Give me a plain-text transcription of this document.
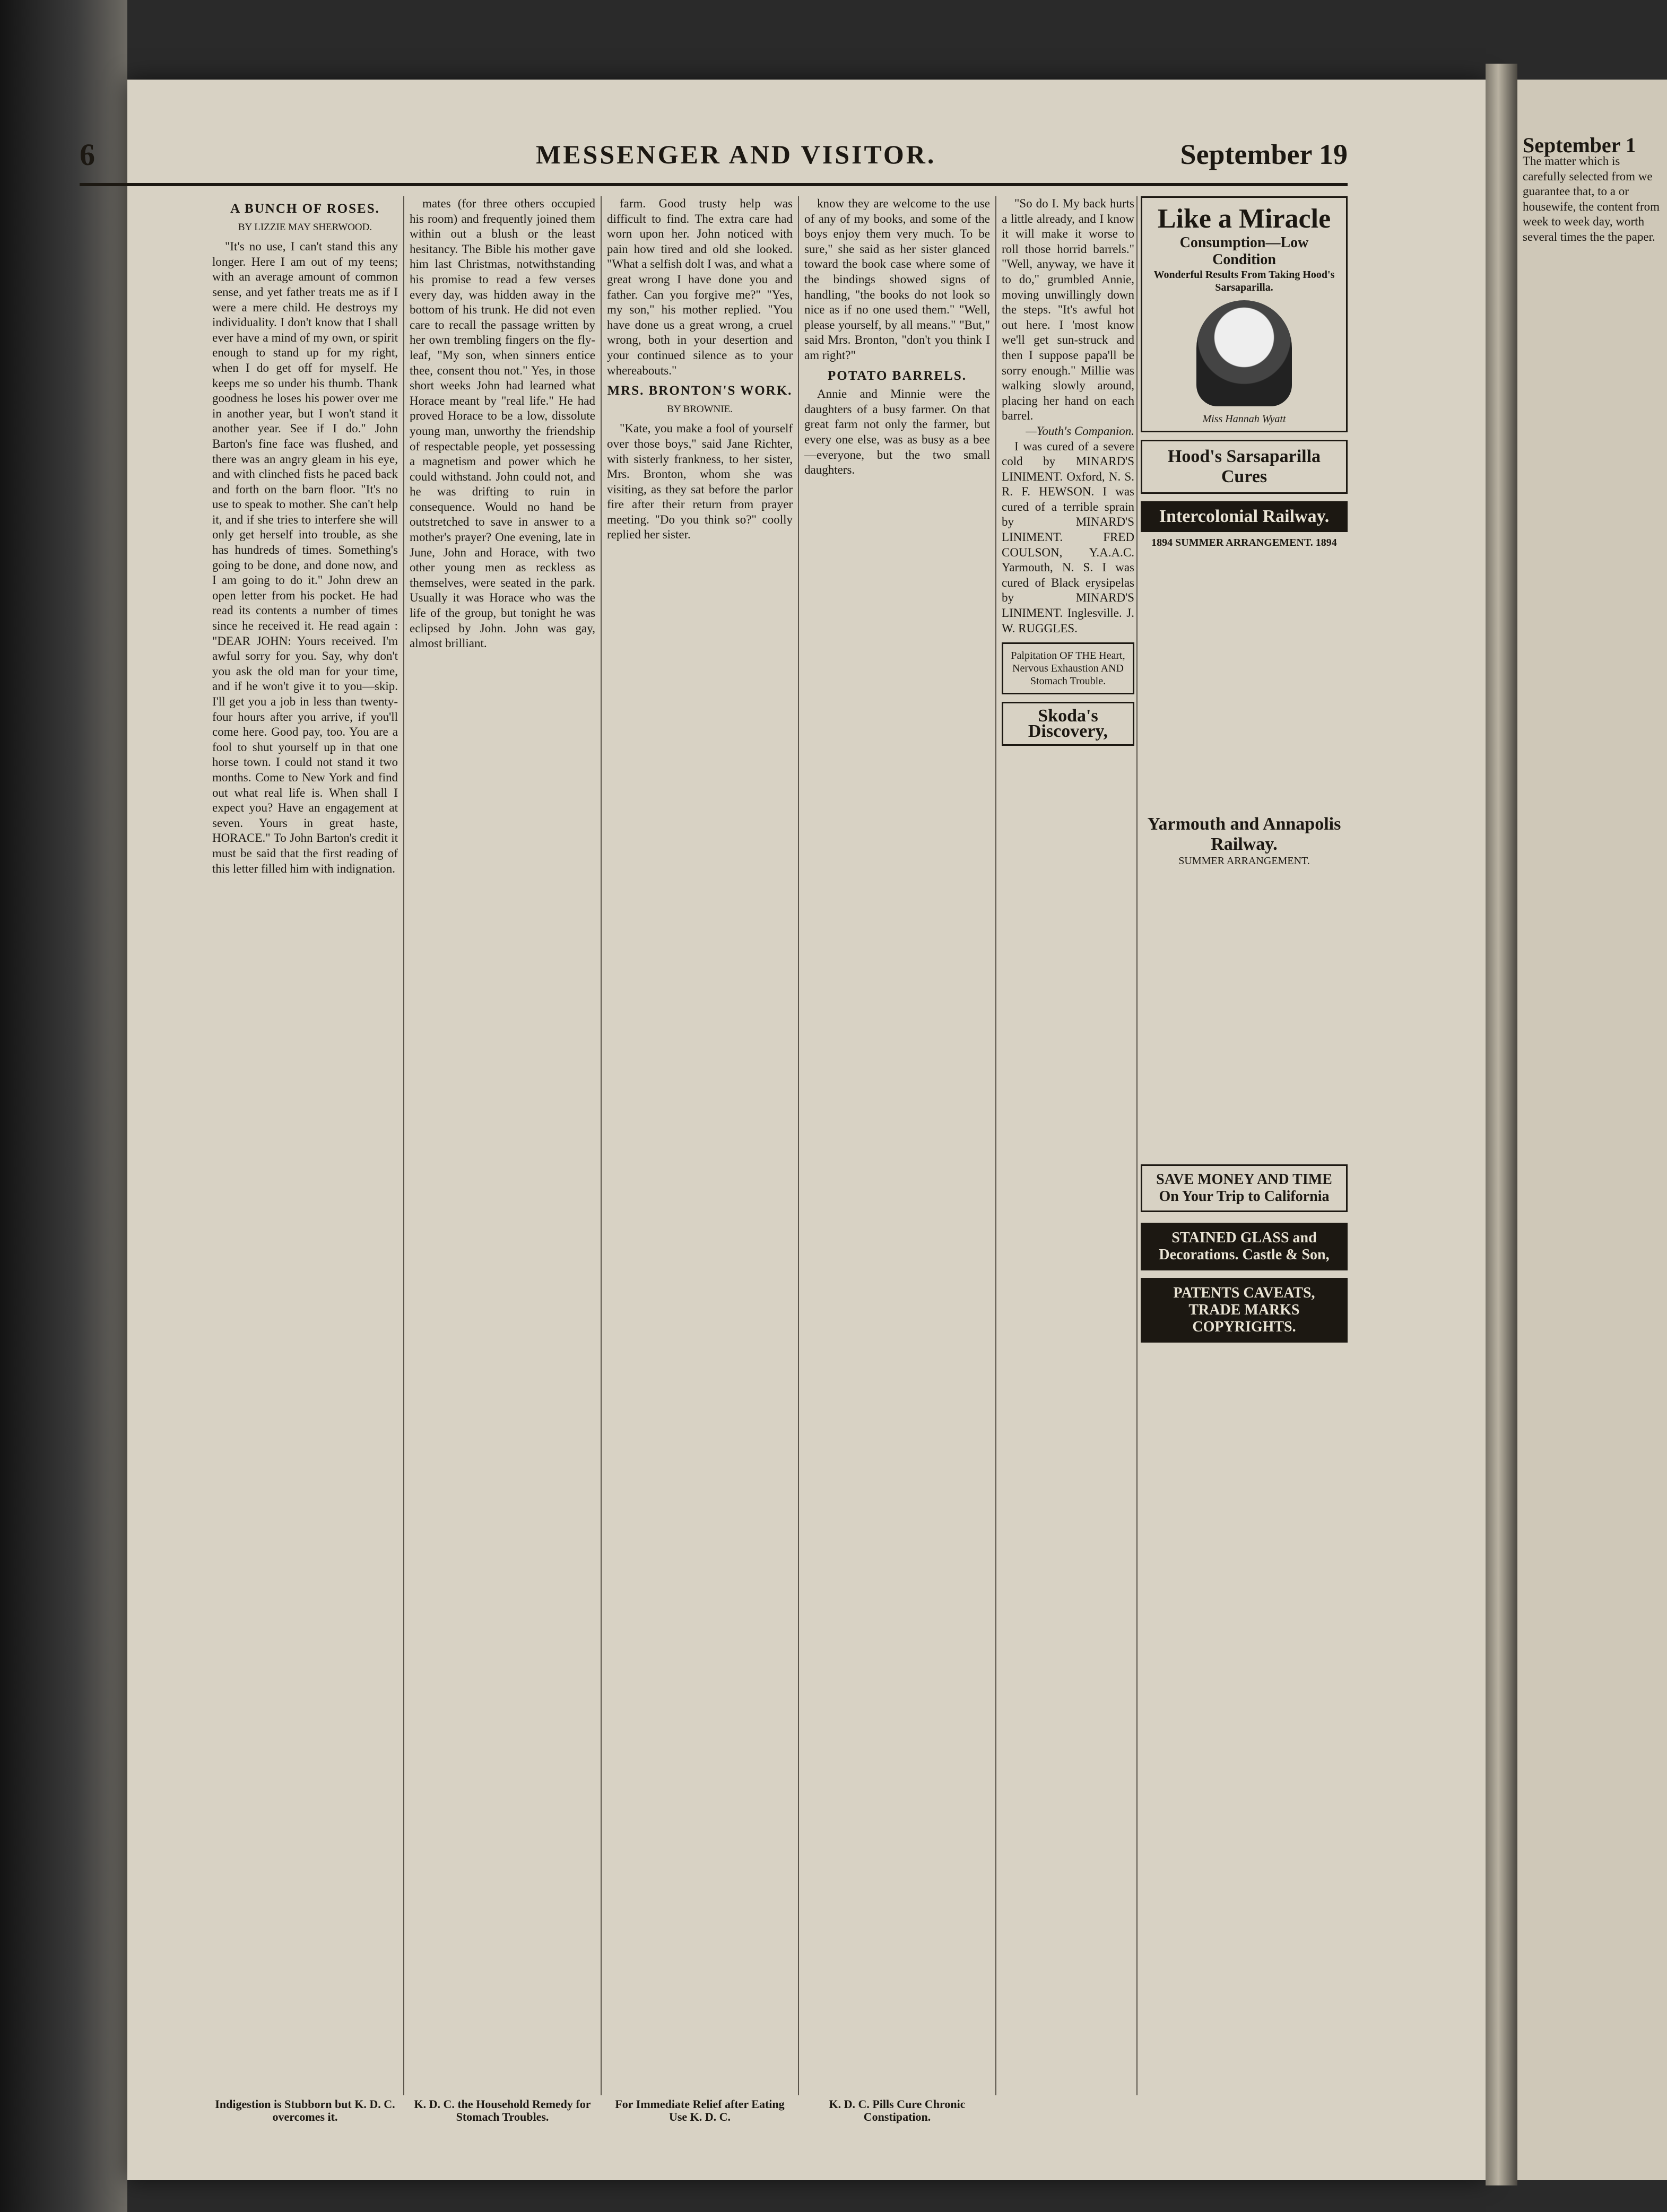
6	MESSENGER AND VISITOR.	September 19
A BUNCH OF ROSES.
BY LIZZIE MAY SHERWOOD.

"It's no use, I can't stand this any longer. Here I am out of my teens; with an average amount of common sense, and yet father treats me as if I were a mere child. He destroys my individuality. I don't know that I shall ever have a mind of my own, or spirit enough to stand up for my right, when I do get off for myself. He keeps me so under his thumb. Thank goodness he loses his power over me in another year, but I won't stand it another year. See if I do." John Barton's fine face was flushed, and there was an angry gleam in his eye, and with clinched fists he paced back and forth on the barn floor. "It's no use to speak to mother. She can't help it, and if she tries to interfere she will only get herself into trouble, as she has hundreds of times. Something's going to be done, and done now, and I am going to do it." John drew an open letter from his pocket. He had read its contents a number of times since he received it. He read again : "DEAR JOHN: Yours received. I'm awful sorry for you. Say, why don't you ask the old man for your time, and if he won't give it to you—skip. I'll get you a job in less than twenty-four hours after you arrive, if you'll come here. Good pay, too. You are a fool to shut yourself up in that one horse town. I could not stand it two months. Come to New York and find out what real life is. When shall I expect you? Have an engagement at seven. Yours in great haste, HORACE." To John Barton's credit it must be said that the first reading of this letter filled him with indignation.

mates (for three others occupied his room) and frequently joined them within out a blush or the least hesitancy. The Bible his mother gave him last Christmas, notwithstanding his promise to read a few verses every day, was hidden away in the bottom of his trunk. He did not even care to recall the passage written by her own trembling fingers on the fly-leaf, "My son, when sinners entice thee, consent thou not." Yes, in those short weeks John had learned what Horace meant by "real life." He had proved Horace to be a low, dissolute young man, unworthy the friendship of respectable people, yet possessing a magnetism and power which he could withstand. John could not, and he was drifting to ruin in consequence. Would no hand be outstretched to save in answer to a mother's prayer? One evening, late in June, John and Horace, with two other young men as reckless as themselves, were seated in the park. Usually it was Horace who was the life of the group, but tonight he was eclipsed by John. John was gay, almost brilliant.

farm. Good trusty help was difficult to find. The extra care had worn upon her. John noticed with pain how tired and old she looked. "What a selfish dolt I was, and what a great wrong I have done you and father. Can you forgive me?" "Yes, my son," his mother replied. "You have done us a great wrong, a cruel wrong, both in your desertion and your continued silence as to your whereabouts."

MRS. BRONTON'S WORK.
BY BROWNIE.

"Kate, you make a fool of yourself over those boys," said Jane Richter, with sisterly frankness, to her sister, Mrs. Bronton, whom she was visiting, as they sat before the parlor fire after their return from prayer meeting. "Do you think so?" coolly replied her sister.

know they are welcome to the use of any of my books, and some of the boys enjoy them very much. To be sure," she said as her sister glanced toward the book case where some of the bindings showed signs of handling, "the books do not look so nice as if no one used them." "Well, please yourself, by all means." "But," said Mrs. Bronton, "don't you think I am right?"

POTATO BARRELS.

Annie and Minnie were the daughters of a busy farmer. On that great farm not only the farmer, but every one else, was as busy as a bee—everyone, but the two small daughters.

"So do I. My back hurts a little already, and I know it will make it worse to roll those horrid barrels." "Well, anyway, we have it to do," grumbled Annie, moving unwillingly down the steps. "It's awful hot out here. I 'most know we'll get sun-struck and then I suppose papa'll be sorry enough." Millie was walking slowly around, placing her hand on each barrel.

—Youth's Companion.

I was cured of a severe cold by MINARD'S LINIMENT. Oxford, N. S. R. F. HEWSON. I was cured of a terrible sprain by MINARD'S LINIMENT. FRED COULSON, Y.A.A.C. Yarmouth, N. S. I was cured of Black erysipelas by MINARD'S LINIMENT. Inglesville. J. W. RUGGLES.

Palpitation OF THE Heart, Nervous Exhaustion AND Stomach Trouble.
Skoda's Discovery,
Indigestion is Stubborn but K. D. C. overcomes it.
K. D. C. the Household Remedy for Stomach Troubles.
For Immediate Relief after Eating Use K. D. C.
K. D. C. Pills Cure Chronic Constipation.
Like a Miracle
Consumption—Low Condition
Wonderful Results From Taking Hood's Sarsaparilla.
Miss Hannah Wyatt
Hood's Sarsaparilla Cures
Intercolonial Railway.
1894 SUMMER ARRANGEMENT. 1894
Yarmouth and Annapolis Railway.
SUMMER ARRANGEMENT.
SAVE MONEY AND TIME On Your Trip to California
STAINED GLASS and Decorations. Castle & Son,
PATENTS CAVEATS, TRADE MARKS COPYRIGHTS.
September 1
The matter which is carefully selected from we guarantee that, to a or housewife, the content from week to week day, worth several times the the paper.
